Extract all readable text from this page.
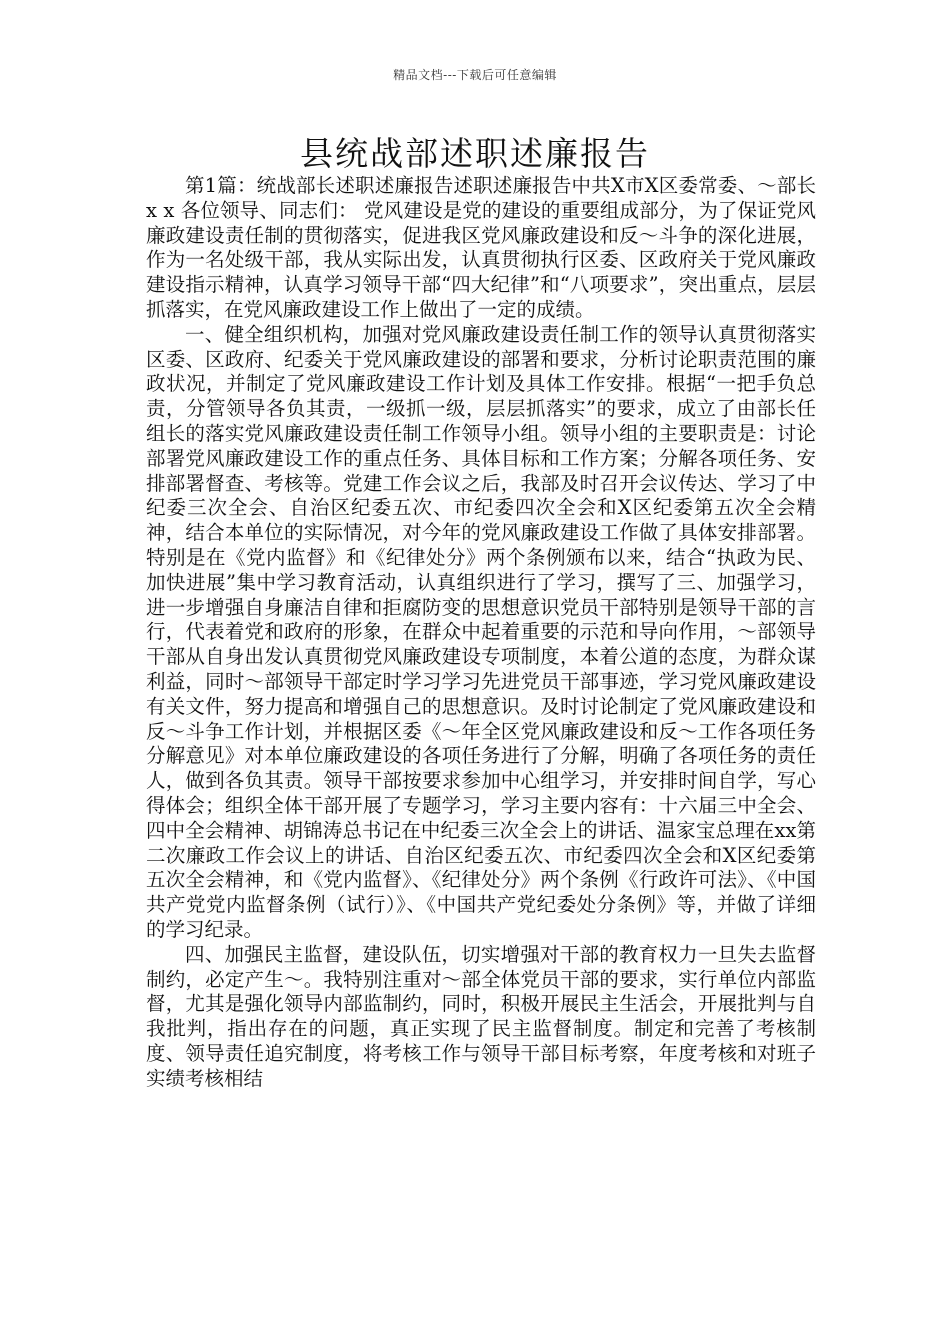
精品文档---下载后可任意编辑
县统战部述职述廉报告

第1篇：统战部长述职述廉报告述职述廉报告中共X市X区委常委、～部长 x x 各位领导、同志们： 党风建设是党的建设的重要组成部分，为了保证党风廉政建设责任制的贯彻落实，促进我区党风廉政建设和反～斗争的深化进展，作为一名处级干部，我从实际出发，认真贯彻执行区委、区政府关于党风廉政建设指示精神，认真学习领导干部“四大纪律”和“八项要求”，突出重点，层层抓落实，在党风廉政建设工作上做出了一定的成绩。

一、健全组织机构，加强对党风廉政建设责任制工作的领导认真贯彻落实区委、区政府、纪委关于党风廉政建设的部署和要求，分析讨论职责范围的廉政状况，并制定了党风廉政建设工作计划及具体工作安排。根据“一把手负总责，分管领导各负其责，一级抓一级，层层抓落实”的要求，成立了由部长任组长的落实党风廉政建设责任制工作领导小组。领导小组的主要职责是：讨论部署党风廉政建设工作的重点任务、具体目标和工作方案；分解各项任务、安排部署督查、考核等。党建工作会议之后，我部及时召开会议传达、学习了中纪委三次全会、自治区纪委五次、市纪委四次全会和X区纪委第五次全会精神，结合本单位的实际情况，对今年的党风廉政建设工作做了具体安排部署。特别是在《党内监督》和《纪律处分》两个条例颁布以来，结合“执政为民、加快进展”集中学习教育活动，认真组织进行了学习，撰写了三、加强学习，进一步增强自身廉洁自律和拒腐防变的思想意识党员干部特别是领导干部的言行，代表着党和政府的形象，在群众中起着重要的示范和导向作用，～部领导干部从自身出发认真贯彻党风廉政建设专项制度，本着公道的态度，为群众谋利益，同时～部领导干部定时学习学习先进党员干部事迹，学习党风廉政建设有关文件，努力提高和增强自己的思想意识。及时讨论制定了党风廉政建设和反～斗争工作计划，并根据区委《～年全区党风廉政建设和反～工作各项任务分解意见》对本单位廉政建设的各项任务进行了分解，明确了各项任务的责任人，做到各负其责。领导干部按要求参加中心组学习，并安排时间自学，写心得体会；组织全体干部开展了专题学习，学习主要内容有：十六届三中全会、四中全会精神、胡锦涛总书记在中纪委三次全会上的讲话、温家宝总理在xx第二次廉政工作会议上的讲话、自治区纪委五次、市纪委四次全会和X区纪委第五次全会精神，和《党内监督》、《纪律处分》两个条例《行政许可法》、《中国共产党党内监督条例（试行）》、《中国共产党纪委处分条例》等，并做了详细的学习纪录。

四、加强民主监督，建设队伍，切实增强对干部的教育权力一旦失去监督制约，必定产生～。我特别注重对～部全体党员干部的要求，实行单位内部监督，尤其是强化领导内部监制约，同时，积极开展民主生活会，开展批判与自我批判，指出存在的问题，真正实现了民主监督制度。制定和完善了考核制度、领导责任追究制度，将考核工作与领导干部目标考察，年度考核和对班子实绩考核相结
